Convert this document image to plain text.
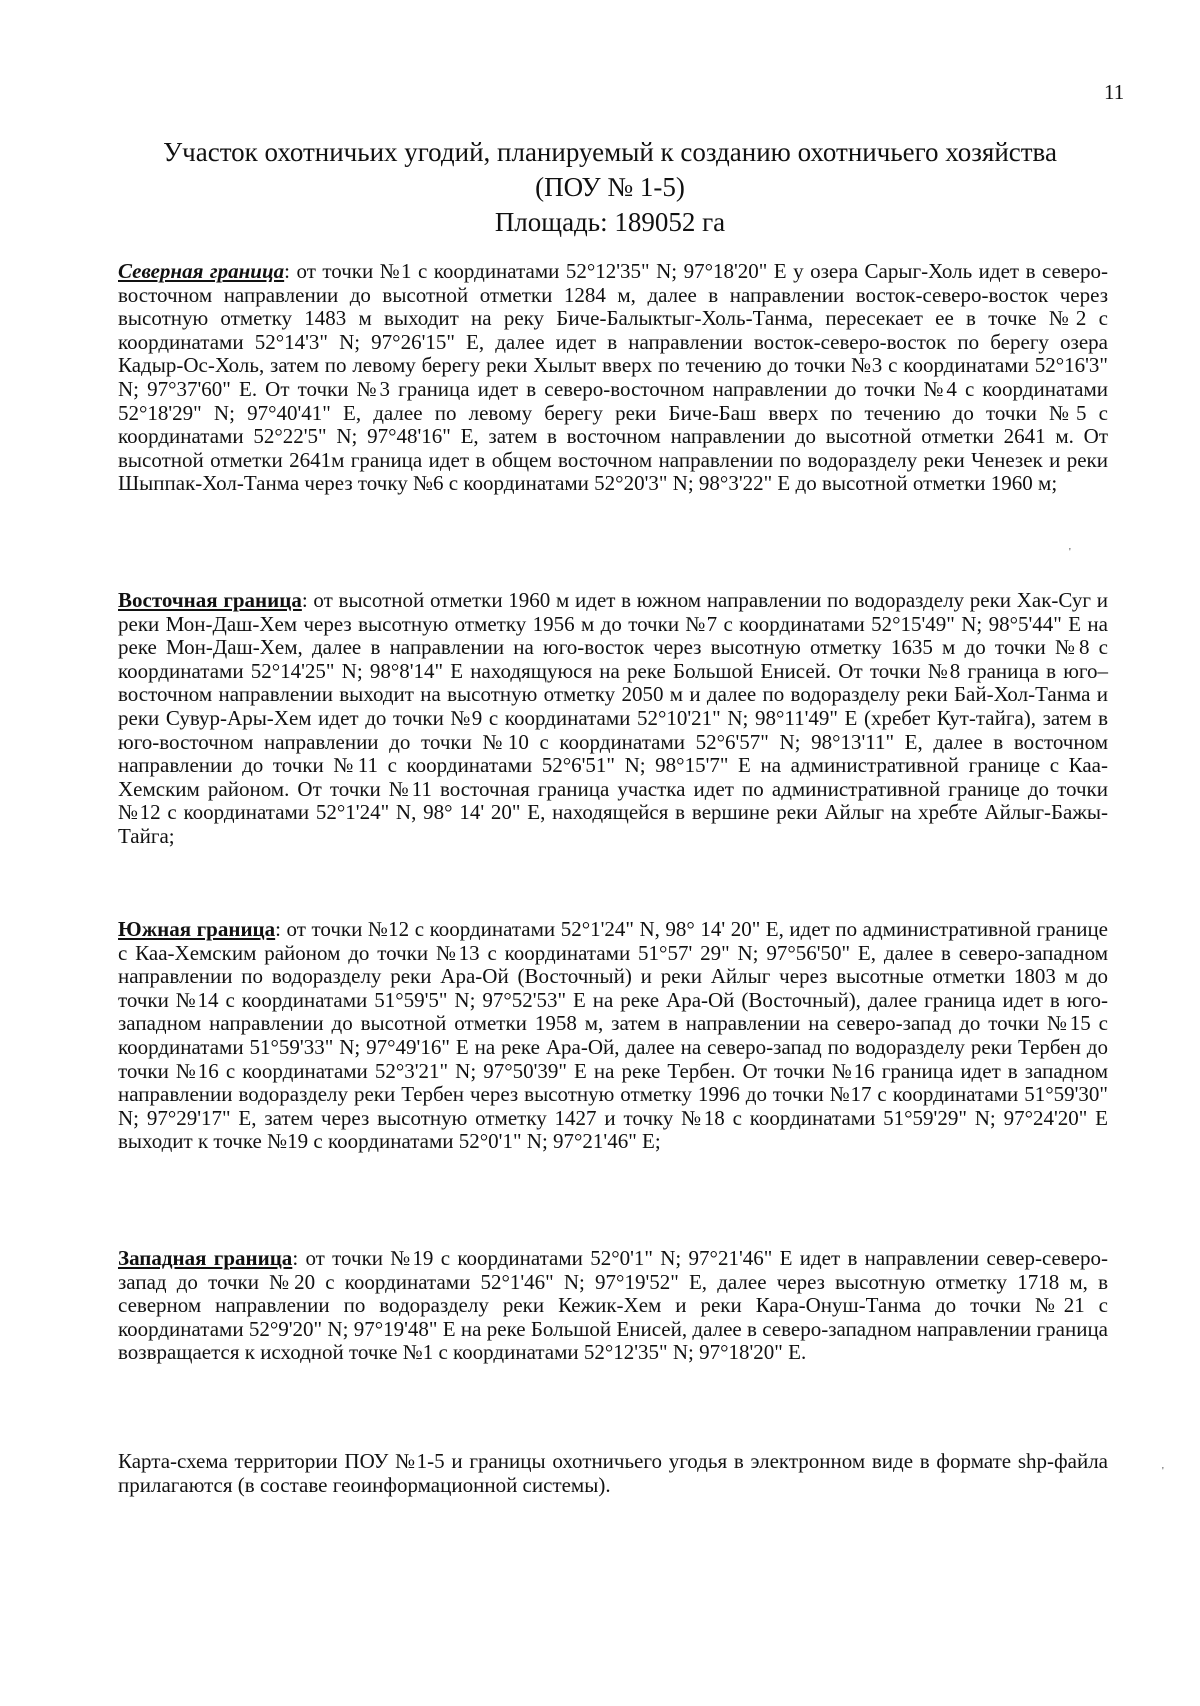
11
Участок охотничьих угодий, планируемый к созданию охотничьего хозяйства
(ПОУ № 1-5)
Площадь: 189052 га
Северная граница: от точки №1 с координатами 52°12'35" N; 97°18'20" Е у озера Сарыг-Холь идет в северо-восточном направлении до высотной отметки 1284 м, далее в направлении восток-северо-восток через высотную отметку 1483 м выходит на реку Биче-Балыктыг-Холь-Танма, пересекает ее в точке №2 с координатами 52°14'3" N; 97°26'15" Е, далее идет в направлении восток-северо-восток по берегу озера Кадыр-Ос-Холь, затем по левому берегу реки Хылыт вверх по течению до точки №3 с координатами 52°16'3" N; 97°37'60" Е. От точки №3 граница идет в северо-восточном направлении до точки №4 с координатами 52°18'29" N; 97°40'41" Е, далее по левому берегу реки Биче-Баш вверх по течению до точки №5 с координатами 52°22'5" N; 97°48'16" Е, затем в восточном направлении до высотной отметки 2641 м. От высотной отметки 2641м граница идет в общем восточном направлении по водоразделу реки Ченезек и реки Шыппак-Хол-Танма через точку №6 с координатами 52°20'3" N; 98°3'22" Е до высотной отметки 1960 м;
Восточная граница: от высотной отметки 1960 м идет в южном направлении по водоразделу реки Хак-Суг и реки Мон-Даш-Хем через высотную отметку 1956 м до точки №7 с координатами 52°15'49" N; 98°5'44" Е на реке Мон-Даш-Хем, далее в направлении на юго-восток через высотную отметку 1635 м до точки №8 с координатами 52°14'25" N; 98°8'14" Е находящуюся на реке Большой Енисей. От точки №8 граница в юго–восточном направлении выходит на высотную отметку 2050 м и далее по водоразделу реки Бай-Хол-Танма и реки Сувур-Ары-Хем идет до точки №9 с координатами 52°10'21" N; 98°11'49" Е (хребет Кут-тайга), затем в юго-восточном направлении до точки №10 с координатами 52°6'57" N; 98°13'11" Е, далее в восточном направлении до точки №11 с координатами 52°6'51" N; 98°15'7" Е на административной границе с Каа-Хемским районом. От точки №11 восточная граница участка идет по административной границе до точки №12 с координатами 52°1'24" N, 98° 14' 20" Е, находящейся в вершине реки Айлыг на хребте Айлыг-Бажы-Тайга;
Южная граница: от точки №12 с координатами 52°1'24" N, 98° 14' 20" Е, идет по административной границе с Каа-Хемским районом до точки №13 с координатами 51°57' 29" N; 97°56'50" Е, далее в северо-западном направлении по водоразделу реки Ара-Ой (Восточный) и реки Айлыг через высотные отметки 1803 м до точки №14 с координатами 51°59'5" N; 97°52'53" Е на реке Ара-Ой (Восточный), далее граница идет в юго-западном направлении до высотной отметки 1958 м, затем в направлении на северо-запад до точки №15 с координатами 51°59'33" N; 97°49'16" Е на реке Ара-Ой, далее на северо-запад по водоразделу реки Тербен до точки №16 с координатами 52°3'21" N; 97°50'39" Е на реке Тербен. От точки №16 граница идет в западном направлении водоразделу реки Тербен через высотную отметку 1996 до точки №17 с координатами 51°59'30" N; 97°29'17" Е, затем через высотную отметку 1427 и точку №18 с координатами 51°59'29" N; 97°24'20" Е выходит к точке №19 с координатами 52°0'1" N; 97°21'46" Е;
Западная граница: от точки №19 с координатами 52°0'1" N; 97°21'46" Е идет в направлении север-северо-запад до точки №20 с координатами 52°1'46" N; 97°19'52" Е, далее через высотную отметку 1718 м, в северном направлении по водоразделу реки Кежик-Хем и реки Кара-Онуш-Танма до точки №21 с координатами 52°9'20" N; 97°19'48" Е на реке Большой Енисей, далее в северо-западном направлении граница возвращается к исходной точке №1 с координатами 52°12'35" N; 97°18'20" Е.
Карта-схема территории ПОУ №1-5 и границы охотничьего угодья в электронном виде в формате shp-файла прилагаются (в составе геоинформационной системы).
'
'
